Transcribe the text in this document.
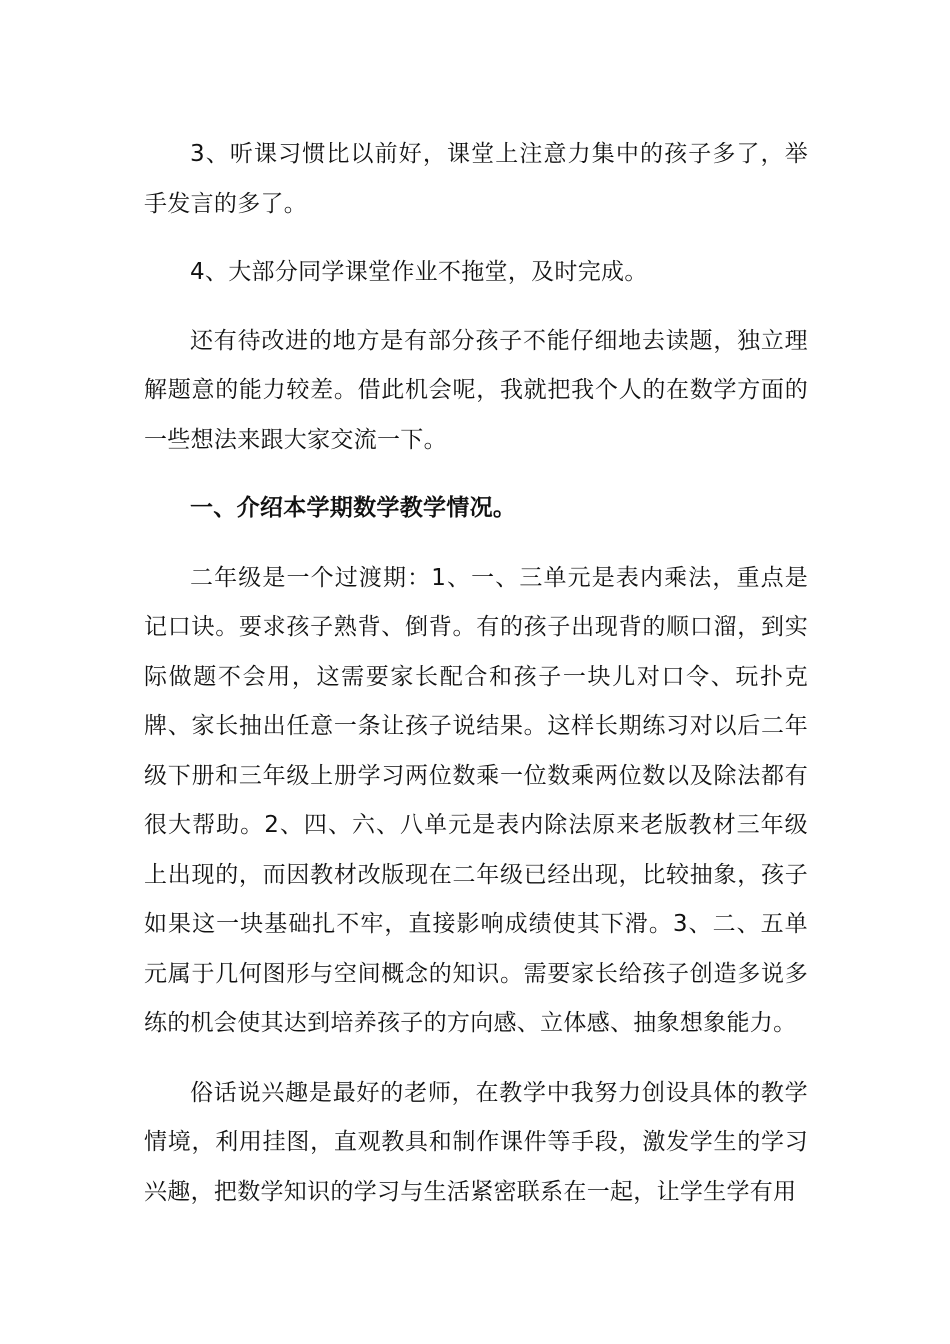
3、听课习惯比以前好，课堂上注意力集中的孩子多了，举手发言的多了。

4、大部分同学课堂作业不拖堂，及时完成。

还有待改进的地方是有部分孩子不能仔细地去读题，独立理解题意的能力较差。借此机会呢，我就把我个人的在数学方面的一些想法来跟大家交流一下。

一、介绍本学期数学教学情况。

二年级是一个过渡期：1、一、三单元是表内乘法，重点是记口诀。要求孩子熟背、倒背。有的孩子出现背的顺口溜，到实际做题不会用，这需要家长配合和孩子一块儿对口令、玩扑克牌、家长抽出任意一条让孩子说结果。这样长期练习对以后二年级下册和三年级上册学习两位数乘一位数乘两位数以及除法都有很大帮助。2、四、六、八单元是表内除法原来老版教材三年级上出现的，而因教材改版现在二年级已经出现，比较抽象，孩子如果这一块基础扎不牢，直接影响成绩使其下滑。3、二、五单元属于几何图形与空间概念的知识。需要家长给孩子创造多说多练的机会使其达到培养孩子的方向感、立体感、抽象想象能力。

俗话说兴趣是最好的老师，在教学中我努力创设具体的教学情境，利用挂图，直观教具和制作课件等手段，激发学生的学习兴趣，把数学知识的学习与生活紧密联系在一起，让学生学有用
